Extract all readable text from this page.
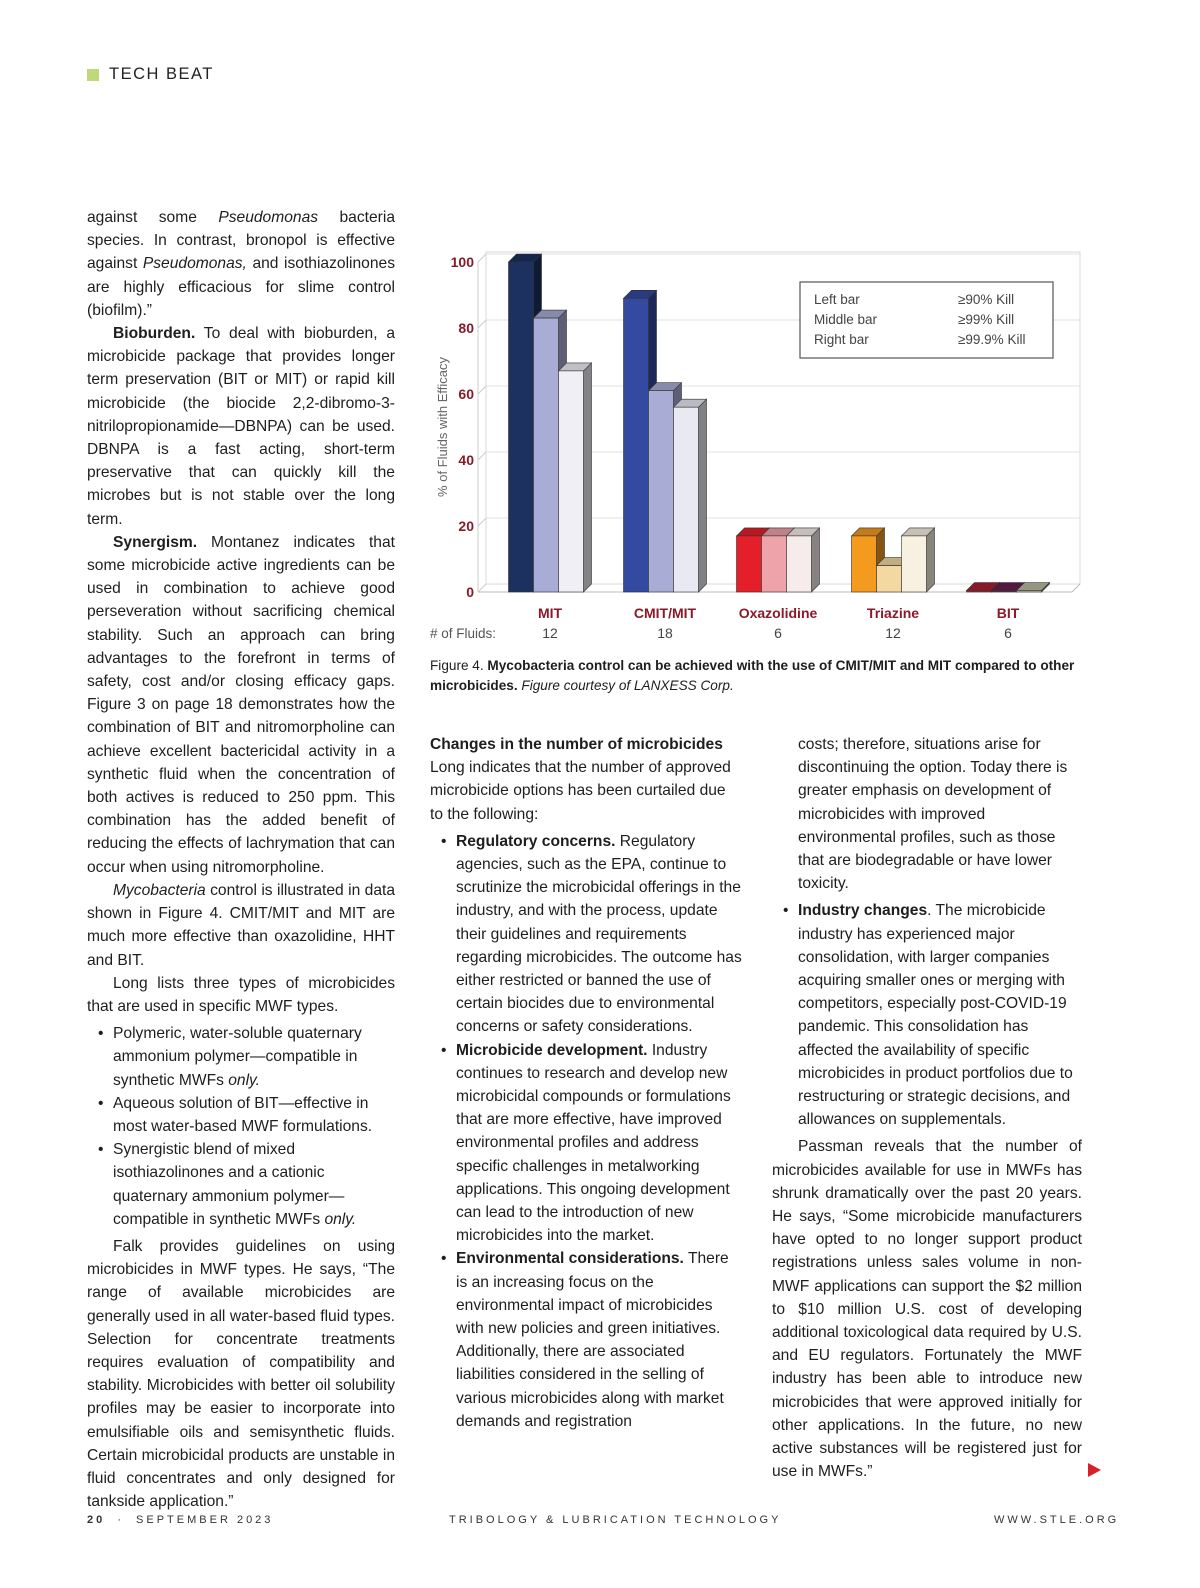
TECH BEAT

against some Pseudomonas bacteria species. In contrast, bronopol is effective against Pseudomonas, and isothiazolinones are highly efficacious for slime control (biofilm).”

Bioburden. To deal with bioburden, a microbicide package that provides longer term preservation (BIT or MIT) or rapid kill microbicide (the biocide 2,2-dibromo-3-nitrilopropionamide—DBNPA) can be used. DBNPA is a fast acting, short-term preservative that can quickly kill the microbes but is not stable over the long term.

Synergism. Montanez indicates that some microbicide active ingredients can be used in combination to achieve good perseveration without sacrificing chemical stability. Such an approach can bring advantages to the forefront in terms of safety, cost and/or closing efficacy gaps. Figure 3 on page 18 demonstrates how the combination of BIT and nitromorpholine can achieve excellent bactericidal activity in a synthetic fluid when the concentration of both actives is reduced to 250 ppm. This combination has the added benefit of reducing the effects of lachrymation that can occur when using nitromorpholine.

Mycobacteria control is illustrated in data shown in Figure 4. CMIT/MIT and MIT are much more effective than oxazolidine, HHT and BIT.

Long lists three types of microbicides that are used in specific MWF types.

• Polymeric, water-soluble quaternary ammonium polymer—compatible in synthetic MWFs only.
• Aqueous solution of BIT—effective in most water-based MWF formulations.
• Synergistic blend of mixed isothiazolinones and a cationic quaternary ammonium polymer—compatible in synthetic MWFs only.

Falk provides guidelines on using microbicides in MWF types. He says, “The range of available microbicides are generally used in all water-based fluid types. Selection for concentrate treatments requires evaluation of compatibility and stability. Microbicides with better oil solubility profiles may be easier to incorporate into emulsifiable oils and semisynthetic fluids. Certain microbicidal products are unstable in fluid concentrates and only designed for tankside application.”

0
20
40
60
80
100
% of Fluids with Efficacy
MIT
12
CMIT/MIT
18
Oxazolidine
6
Triazine
12
BIT
6
# of Fluids:
Left bar	≥90% Kill
Middle bar	≥99% Kill
Right bar	≥99.9% Kill
Figure 4. Mycobacteria control can be achieved with the use of CMIT/MIT and MIT compared to other microbicides. Figure courtesy of LANXESS Corp.

Changes in the number of microbicides

Long indicates that the number of approved microbicide options has been curtailed due to the following:

• Regulatory concerns. Regulatory agencies, such as the EPA, continue to scrutinize the microbicidal offerings in the industry, and with the process, update their guidelines and requirements regarding microbicides. The outcome has either restricted or banned the use of certain biocides due to environmental concerns or safety considerations.
• Microbicide development. Industry continues to research and develop new microbicidal compounds or formulations that are more effective, have improved environmental profiles and address specific challenges in metalworking applications. This ongoing development can lead to the introduction of new microbicides into the market.
• Environmental considerations. There is an increasing focus on the environmental impact of microbicides with new policies and green initiatives. Additionally, there are associated liabilities considered in the selling of various microbicides along with market demands and registration

costs; therefore, situations arise for discontinuing the option. Today there is greater emphasis on development of microbicides with improved environmental profiles, such as those that are biodegradable or have lower toxicity.

• Industry changes. The microbicide industry has experienced major consolidation, with larger companies acquiring smaller ones or merging with competitors, especially post-COVID-19 pandemic. This consolidation has affected the availability of specific microbicides in product portfolios due to restructuring or strategic decisions, and allowances on supplementals.

Passman reveals that the number of microbicides available for use in MWFs has shrunk dramatically over the past 20 years. He says, “Some microbicide manufacturers have opted to no longer support product registrations unless sales volume in non-MWF applications can support the $2 million to $10 million U.S. cost of developing additional toxicological data required by U.S. and EU regulators. Fortunately the MWF industry has been able to introduce new microbicides that were approved initially for other applications. In the future, no new active substances will be registered just for use in MWFs.”

20 · SEPTEMBER 2023	TRIBOLOGY & LUBRICATION TECHNOLOGY	WWW.STLE.ORG
